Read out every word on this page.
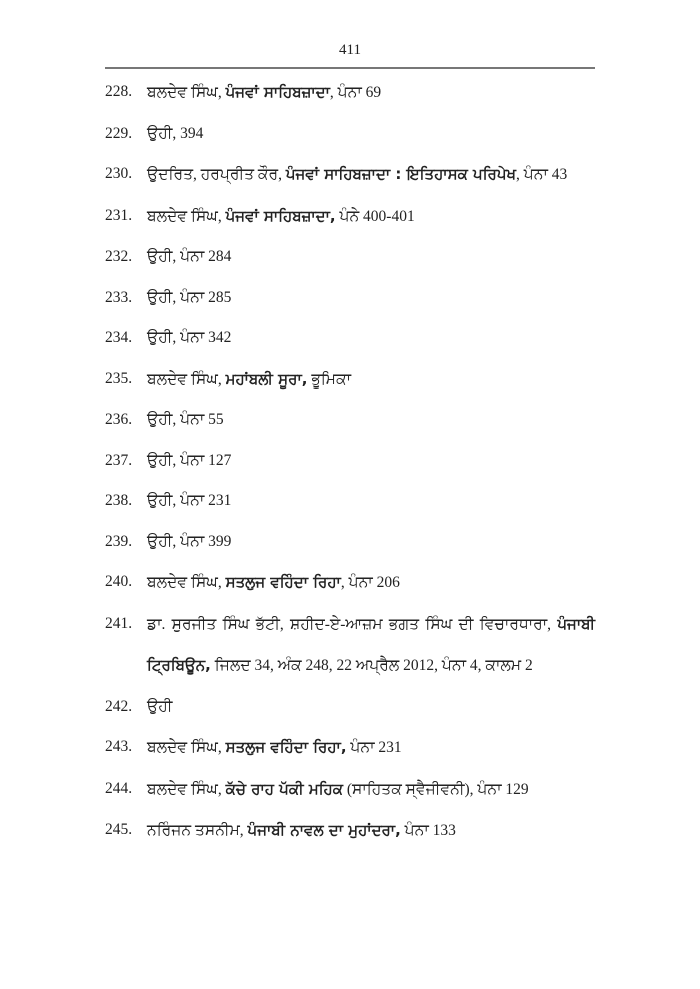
411
228. ਬਲਦੇਵ ਸਿੰਘ, ਪੰਜਵਾਂ ਸਾਹਿਬਜ਼ਾਦਾ, ਪੰਨਾ 69
229. ਉਹੀ, 394
230. ਉਦਰਿਤ, ਹਰਪ੍ਰੀਤ ਕੌਰ, ਪੰਜਵਾਂ ਸਾਹਿਬਜ਼ਾਦਾ : ਇਤਿਹਾਸਕ ਪਰਿਪੇਖ, ਪੰਨਾ 43
231. ਬਲਦੇਵ ਸਿੰਘ, ਪੰਜਵਾਂ ਸਾਹਿਬਜ਼ਾਦਾ, ਪੰਨੇ 400-401
232. ਉਹੀ, ਪੰਨਾ 284
233. ਉਹੀ, ਪੰਨਾ 285
234. ਉਹੀ, ਪੰਨਾ 342
235. ਬਲਦੇਵ ਸਿੰਘ, ਮਹਾਂਬਲੀ ਸੂਰਾ, ਭੂਮਿਕਾ
236. ਉਹੀ, ਪੰਨਾ 55
237. ਉਹੀ, ਪੰਨਾ 127
238. ਉਹੀ, ਪੰਨਾ 231
239. ਉਹੀ, ਪੰਨਾ 399
240. ਬਲਦੇਵ ਸਿੰਘ, ਸਤਲੁਜ ਵਹਿੰਦਾ ਰਿਹਾ, ਪੰਨਾ 206
241. ਡਾ. ਸੁਰਜੀਤ ਸਿੰਘ ਭੱਟੀ, ਸ਼ਹੀਦ-ਏ-ਆਜ਼ਮ ਭਗਤ ਸਿੰਘ ਦੀ ਵਿਚਾਰਧਾਰਾ, ਪੰਜਾਬੀ ਟ੍ਰਿਬਿਊਨ, ਜਿਲਦ 34, ਅੰਕ 248, 22 ਅਪ੍ਰੈਲ 2012, ਪੰਨਾ 4, ਕਾਲਮ 2
242. ਉਹੀ
243. ਬਲਦੇਵ ਸਿੰਘ, ਸਤਲੁਜ ਵਹਿੰਦਾ ਰਿਹਾ, ਪੰਨਾ 231
244. ਬਲਦੇਵ ਸਿੰਘ, ਕੱਚੇ ਰਾਹ ਪੱਕੀ ਮਹਿਕ (ਸਾਹਿਤਕ ਸ੍ਵੈਜੀਵਨੀ), ਪੰਨਾ 129
245. ਨਰਿੰਜਨ ਤਸਨੀਮ, ਪੰਜਾਬੀ ਨਾਵਲ ਦਾ ਮੁਹਾਂਦਰਾ, ਪੰਨਾ 133
